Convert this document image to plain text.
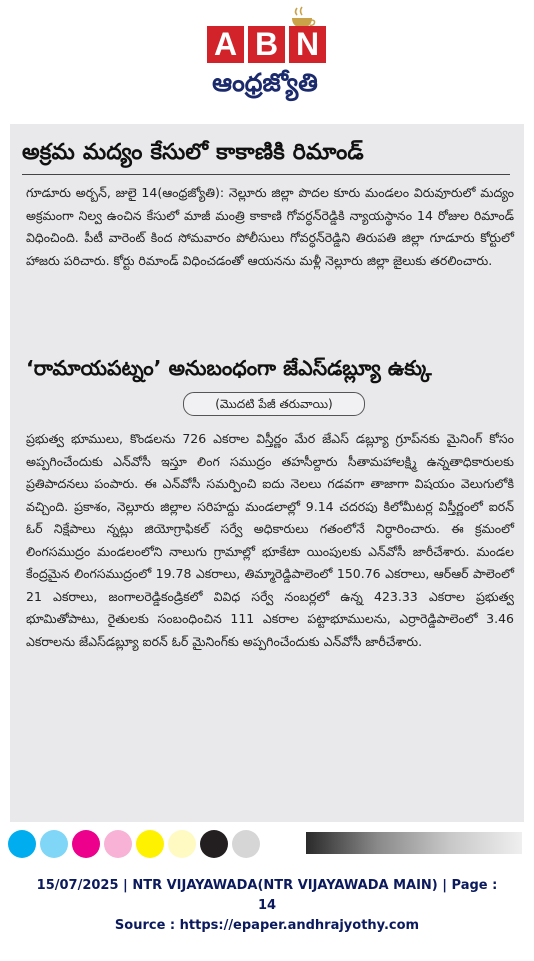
A B N
ఆంధ్రజ్యోతి
అక్రమ మద్యం కేసులో కాకాణికి రిమాండ్
గూడూరు అర్బన్, జులై 14(ఆంధ్రజ్యోతి): నెల్లూరు జిల్లా పొదల కూరు మండలం విరువూరులో మద్యం అక్రమంగా నిల్వ ఉంచిన కేసులో మాజీ మంత్రి కాకాణి గోవర్ధన్‌రెడ్డికి న్యాయస్థానం 14 రోజుల రిమాండ్ విధించింది. పీటీ వారెంట్ కింద సోమవారం పోలీసులు గోవర్ధన్‌రెడ్డిని తిరుపతి జిల్లా గూడూరు కోర్టులో హాజరు పరిచారు. కోర్టు రిమాండ్ విధించడంతో ఆయనను మళ్లీ నెల్లూరు జిల్లా జైలుకు తరలించారు.
‘రామాయపట్నం’ అనుబంధంగా జేఎస్‌డబ్ల్యూ ఉక్కు
(మొదటి పేజీ తరువాయి)
ప్రభుత్వ భూములు, కొండలను 726 ఎకరాల విస్తీర్ణం మేర జేఎస్ డబ్ల్యూ గ్రూప్‌నకు మైనింగ్ కోసం అప్పగించేందుకు ఎన్‌వోసీ ఇస్తూ లింగ సముద్రం తహసీల్దారు సీతామహాలక్ష్మి ఉన్నతాధికారులకు ప్రతిపాదనలు పంపారు. ఈ ఎన్‌వోసీ సమర్పించి ఐదు నెలలు గడవగా తాజాగా విషయం వెలుగులోకి వచ్చింది. ప్రకాశం, నెల్లూరు జిల్లాల సరిహద్దు మండలాల్లో 9.14 చదరపు కిలోమీటర్ల విస్తీర్ణంలో ఐరన్ ఓర్ నిక్షేపాలు న్నట్లు జియోగ్రాఫికల్ సర్వే అధికారులు గతంలోనే నిర్ధారించారు. ఈ క్రమంలో లింగసముద్రం మండలంలోని నాలుగు గ్రామాల్లో భూకేటా యింపులకు ఎన్‌వోసీ జారీచేశారు. మండల కేంద్రమైన లింగసముద్రంలో 19.78 ఎకరాలు, తిమ్మారెడ్డిపాలెంలో 150.76 ఎకరాలు, ఆర్‌ఆర్ పాలెంలో 21 ఎకరాలు, జంగాలరెడ్డికండ్రికలో వివిధ సర్వే నంబర్లలో ఉన్న 423.33 ఎకరాల ప్రభుత్వ భూమితోపాటు, రైతులకు సంబంధించిన 111 ఎకరాల పట్టాభూములను, ఎర్రారెడ్డిపాలెంలో 3.46 ఎకరాలను జేఎస్‌డబ్ల్యూ ఐరన్ ఓర్ మైనింగ్‌కు అప్పగించేందుకు ఎన్‌వోసీ జారీచేశారు.
15/07/2025 | NTR VIJAYAWADA(NTR VIJAYAWADA MAIN) | Page :
14
Source : https://epaper.andhrajyothy.com
